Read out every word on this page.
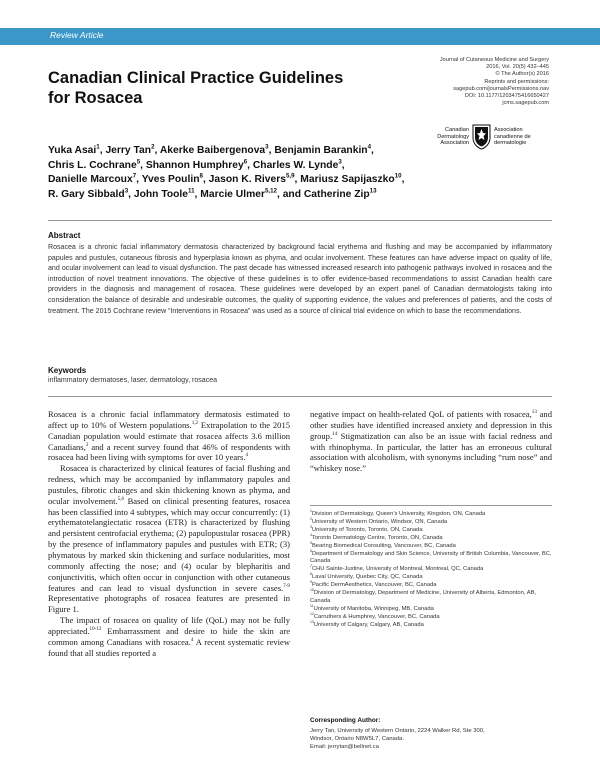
Review Article
Canadian Clinical Practice Guidelines
for Rosacea
Journal of Cutaneous Medicine and Surgery
2016, Vol. 20(5) 432–445
© The Author(s) 2016
Reprints and permissions:
sagepub.com/journalsPermissions.nav
DOI: 10.1177/1203475416650427
jcms.sagepub.com
Canadian
Dermatology
Association
Association
canadienne de
dermatologie
Yuka Asai$^1$, Jerry Tan$^2$, Akerke Baibergenova$^3$, Benjamin Barankin$^4$,
Chris L. Cochrane$^5$, Shannon Humphrey$^6$, Charles W. Lynde$^3$,
Danielle Marcoux$^7$, Yves Poulin$^8$, Jason K. Rivers$^{5,9}$, Mariusz Sapijaszko$^{10}$,
R. Gary Sibbald$^3$, John Toole$^{11}$, Marcie Ulmer$^{5,12}$, and Catherine Zip$^{13}$
Abstract
Rosacea is a chronic facial inflammatory dermatosis characterized by background facial erythema and flushing and may be accompanied by inflammatory papules and pustules, cutaneous fibrosis and hyperplasia known as phyma, and ocular involvement. These features can have adverse impact on quality of life, and ocular involvement can lead to visual dysfunction. The past decade has witnessed increased research into pathogenic pathways involved in rosacea and the introduction of novel treatment innovations. The objective of these guidelines is to offer evidence-based recommendations to assist Canadian health care providers in the diagnosis and management of rosacea. These guidelines were developed by an expert panel of Canadian dermatologists taking into consideration the balance of desirable and undesirable outcomes, the quality of supporting evidence, the values and preferences of patients, and the costs of treatment. The 2015 Cochrane review “Interventions in Rosacea” was used as a source of clinical trial evidence on which to base the recommendations.
Keywords
inflammatory dermatoses, laser, dermatology, rosacea

Rosacea is a chronic facial inflammatory dermatosis estimated to affect up to 10% of Western populations.$^{1,2}$ Extrapolation to the 2015 Canadian population would estimate that rosacea affects 3.6 million Canadians,$^3$ and a recent survey found that 46% of respondents with rosacea had been living with symptoms for over 10 years.$^4$

Rosacea is characterized by clinical features of facial flushing and redness, which may be accompanied by inflammatory papules and pustules, fibrotic changes and skin thickening known as phyma, and ocular involvement.$^{5,6}$ Based on clinical presenting features, rosacea has been classified into 4 subtypes, which may occur concurrently: (1) erythematotelangiectatic rosacea (ETR) is characterized by flushing and persistent centrofacial erythema; (2) papulopustular rosacea (PPR) by the presence of inflammatory papules and pustules with ETR; (3) phymatous by marked skin thickening and surface nodularities, most commonly affecting the nose; and (4) ocular by blepharitis and conjunctivitis, which often occur in conjunction with other cutaneous features and can lead to visual dysfunction in severe cases.$^{7-9}$ Representative photographs of rosacea features are presented in Figure 1.

The impact of rosacea on quality of life (QoL) may not be fully appreciated.$^{10-12}$ Embarrassment and desire to hide the skin are common among Canadians with rosacea.$^4$ A recent systematic review found that all studies reported a

negative impact on health-related QoL of patients with rosacea,$^{13}$ and other studies have identified increased anxiety and depression in this group.$^{14}$ Stigmatization can also be an issue with facial redness and with rhinophyma. In particular, the latter has an erroneous cultural association with alcoholism, with synonyms including “rum nose” and “whiskey nose.”

$^1$Division of Dermatology, Queen’s University, Kingston, ON, Canada
$^2$University of Western Ontario, Windsor, ON, Canada
$^3$University of Toronto, Toronto, ON, Canada
$^4$Toronto Dermatology Centre, Toronto, ON, Canada
$^5$Bearing Biomedical Consulting, Vancouver, BC, Canada
$^6$Department of Dermatology and Skin Science, University of British Columbia, Vancouver, BC, Canada
$^7$CHU Sainte-Justine, University of Montreal, Montreal, QC, Canada
$^8$Laval University, Quebec City, QC, Canada
$^9$Pacific DermAesthetics, Vancouver, BC, Canada
$^{10}$Division of Dermatology, Department of Medicine, University of Alberta, Edmonton, AB, Canada
$^{11}$University of Manitoba, Winnipeg, MB, Canada
$^{12}$Carruthers & Humphrey, Vancouver, BC, Canada
$^{13}$University of Calgary, Calgary, AB, Canada
Corresponding Author:
Jerry Tan, University of Western Ontario, 2224 Walker Rd, Ste 300,
Windsor, Ontario N8W5L7, Canada.
Email: jerrytan@bellnet.ca
